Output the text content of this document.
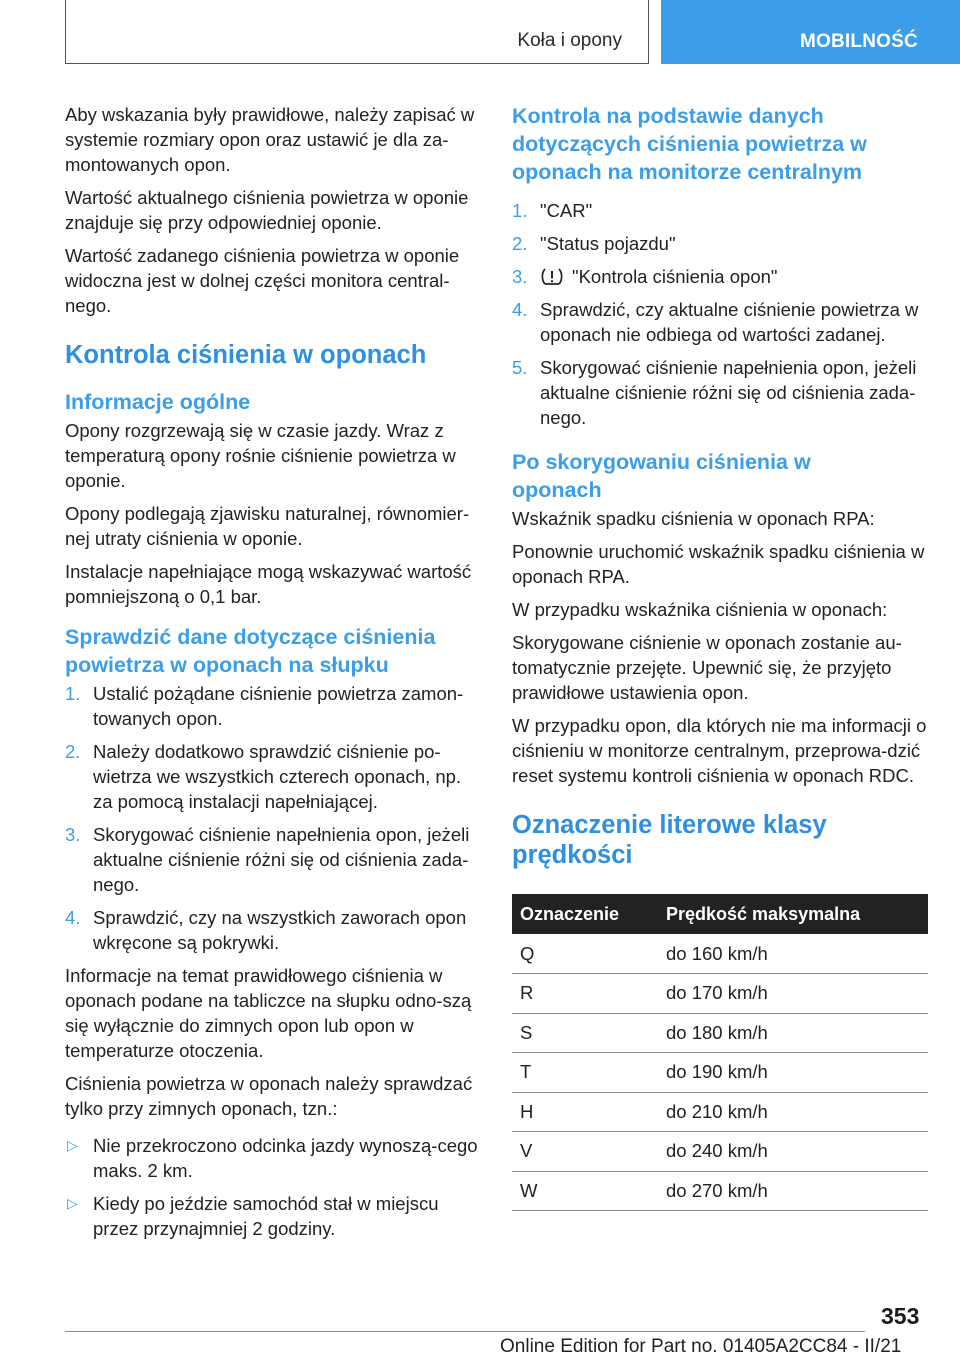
Koła i opony	MOBILNOŚĆ

Aby wskazania były prawidłowe, należy zapisać w systemie rozmiary opon oraz ustawić je dla za-montowanych opon.

Wartość aktualnego ciśnienia powietrza w oponie znajduje się przy odpowiedniej oponie.

Wartość zadanego ciśnienia powietrza w oponie widoczna jest w dolnej części monitora central-nego.

Kontrola ciśnienia w oponach
Informacje ogólne

Opony rozgrzewają się w czasie jazdy. Wraz z temperaturą opony rośnie ciśnienie powietrza w oponie.

Opony podlegają zjawisku naturalnej, równomier-nej utraty ciśnienia w oponie.

Instalacje napełniające mogą wskazywać wartość pomniejszoną o 0,1 bar.

Sprawdzić dane dotyczące ciśnienia powietrza w oponach na słupku
1. Ustalić pożądane ciśnienie powietrza zamon-towanych opon.
2. Należy dodatkowo sprawdzić ciśnienie po-wietrza we wszystkich czterech oponach, np. za pomocą instalacji napełniającej.
3. Skorygować ciśnienie napełnienia opon, jeżeli aktualne ciśnienie różni się od ciśnienia zada-nego.
4. Sprawdzić, czy na wszystkich zaworach opon wkręcone są pokrywki.

Informacje na temat prawidłowego ciśnienia w oponach podane na tabliczce na słupku odno-szą się wyłącznie do zimnych opon lub opon w temperaturze otoczenia.

Ciśnienia powietrza w oponach należy sprawdzać tylko przy zimnych oponach, tzn.:

▷ Nie przekroczono odcinka jazdy wynoszą-cego maks. 2 km.
▷ Kiedy po jeździe samochód stał w miejscu przez przynajmniej 2 godziny.
Kontrola na podstawie danych dotyczących ciśnienia powietrza w oponach na monitorze centralnym
1. "CAR"
2. "Status pojazdu"
3. "Kontrola ciśnienia opon"
4. Sprawdzić, czy aktualne ciśnienie powietrza w oponach nie odbiega od wartości zadanej.
5. Skorygować ciśnienie napełnienia opon, jeżeli aktualne ciśnienie różni się od ciśnienia zada-nego.
Po skorygowaniu ciśnienia w oponach

Wskaźnik spadku ciśnienia w oponach RPA:

Ponownie uruchomić wskaźnik spadku ciśnienia w oponach RPA.

W przypadku wskaźnika ciśnienia w oponach:

Skorygowane ciśnienie w oponach zostanie au-tomatycznie przejęte. Upewnić się, że przyjęto prawidłowe ustawienia opon.

W przypadku opon, dla których nie ma informacji o ciśnieniu w monitorze centralnym, przeprowa-dzić reset systemu kontroli ciśnienia w oponach RDC.

Oznaczenie literowe klasy prędkości
Oznaczenie	Prędkość maksymalna
Q	do 160 km/h
R	do 170 km/h
S	do 180 km/h
T	do 190 km/h
H	do 210 km/h
V	do 240 km/h
W	do 270 km/h
353
Online Edition for Part no. 01405A2CC84 - II/21
